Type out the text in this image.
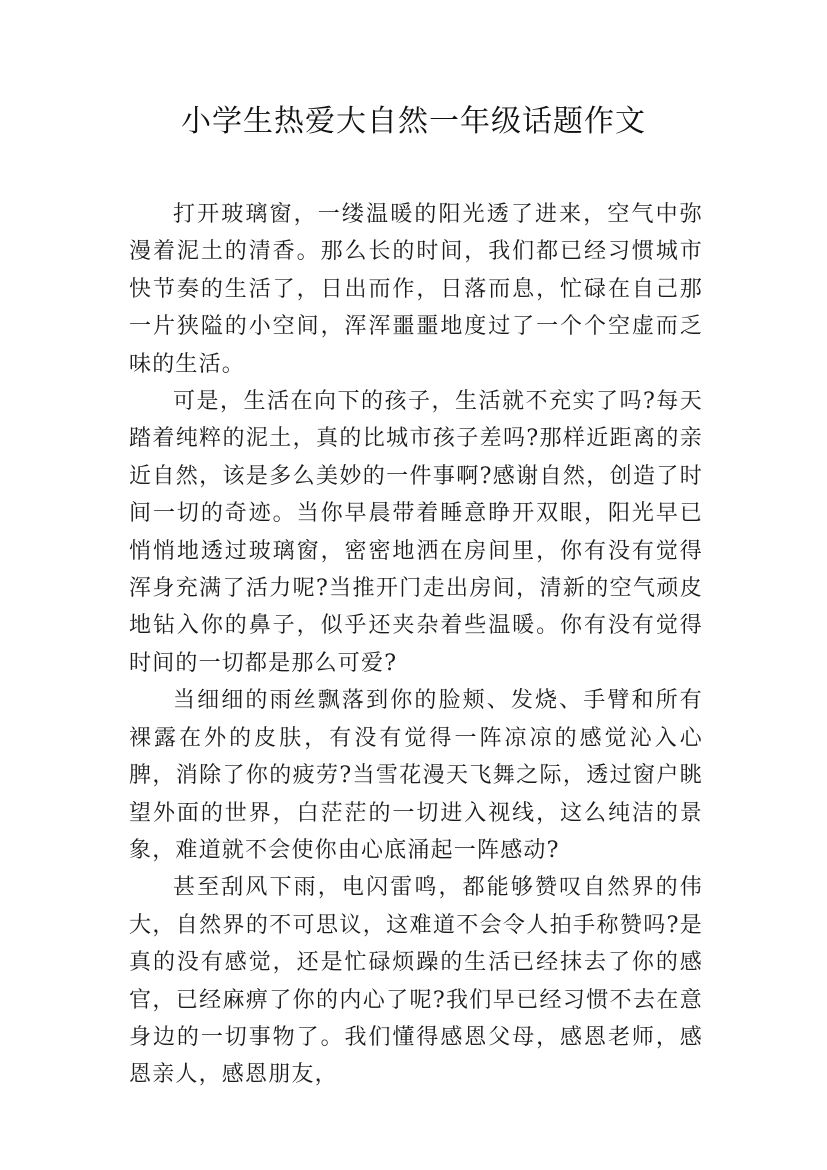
小学生热爱大自然一年级话题作文

打开玻璃窗，一缕温暖的阳光透了进来，空气中弥漫着泥土的清香。那么长的时间，我们都已经习惯城市快节奏的生活了，日出而作，日落而息，忙碌在自己那一片狭隘的小空间，浑浑噩噩地度过了一个个空虚而乏味的生活。

可是，生活在向下的孩子，生活就不充实了吗?每天踏着纯粹的泥土，真的比城市孩子差吗?那样近距离的亲近自然，该是多么美妙的一件事啊?感谢自然，创造了时间一切的奇迹。当你早晨带着睡意睁开双眼，阳光早已悄悄地透过玻璃窗，密密地洒在房间里，你有没有觉得浑身充满了活力呢?当推开门走出房间，清新的空气顽皮地钻入你的鼻子，似乎还夹杂着些温暖。你有没有觉得时间的一切都是那么可爱?

当细细的雨丝飘落到你的脸颊、发烧、手臂和所有裸露在外的皮肤，有没有觉得一阵凉凉的感觉沁入心脾，消除了你的疲劳?当雪花漫天飞舞之际，透过窗户眺望外面的世界，白茫茫的一切进入视线，这么纯洁的景象，难道就不会使你由心底涌起一阵感动?

甚至刮风下雨，电闪雷鸣，都能够赞叹自然界的伟大，自然界的不可思议，这难道不会令人拍手称赞吗?是真的没有感觉，还是忙碌烦躁的生活已经抹去了你的感官，已经麻痹了你的内心了呢?我们早已经习惯不去在意身边的一切事物了。我们懂得感恩父母，感恩老师，感恩亲人，感恩朋友，
